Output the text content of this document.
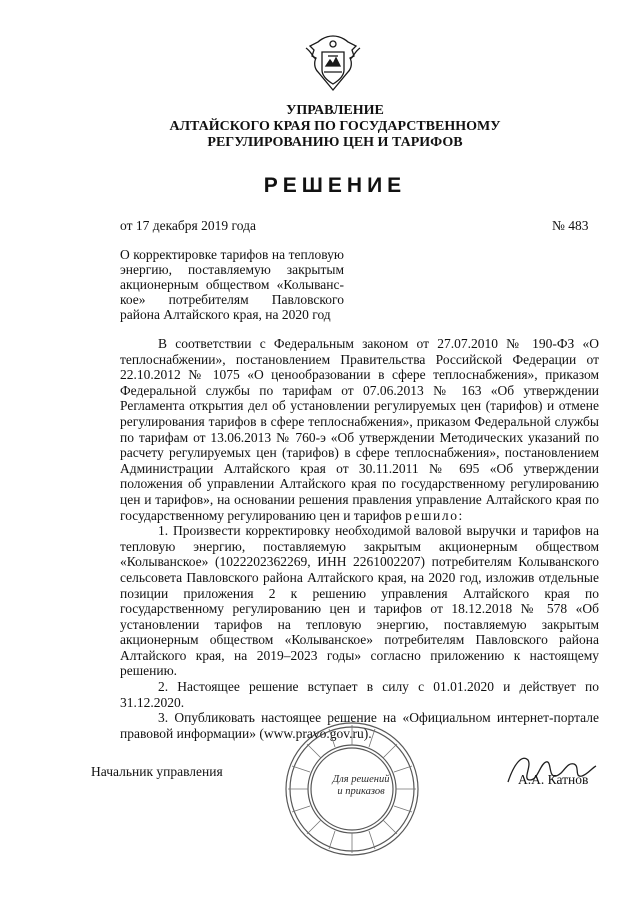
УПРАВЛЕНИЕ
АЛТАЙСКОГО КРАЯ ПО ГОСУДАРСТВЕННОМУ
РЕГУЛИРОВАНИЮ ЦЕН И ТАРИФОВ
РЕШЕНИЕ
от 17 декабря 2019 года	№ 483
О корректировке тарифов на тепловую энергию, поставляемую закрытым акционерным обществом «Колыванс-кое» потребителям Павловского района Алтайского края, на 2020 год

В соответствии с Федеральным законом от 27.07.2010 № 190-ФЗ «О теплоснабжении», постановлением Правительства Российской Федерации от 22.10.2012 № 1075 «О ценообразовании в сфере теплоснабжения», приказом Федеральной службы по тарифам от 07.06.2013 № 163 «Об утверждении Регламента открытия дел об установлении регулируемых цен (тарифов) и отмене регулирования тарифов в сфере теплоснабжения», приказом Федеральной службы по тарифам от 13.06.2013 № 760-э «Об утверждении Методических указаний по расчету регулируемых цен (тарифов) в сфере теплоснабжения», постановлением Администрации Алтайского края от 30.11.2011 № 695 «Об утверждении положения об управлении Алтайского края по государственному регулированию цен и тарифов», на основании решения правления управление Алтайского края по государственному регулированию цен и тарифов решило:

1. Произвести корректировку необходимой валовой выручки и тарифов на тепловую энергию, поставляемую закрытым акционерным обществом «Колыванское» (1022202362269, ИНН 2261002207) потребителям Колыванского сельсовета Павловского района Алтайского края, на 2020 год, изложив отдельные позиции приложения 2 к решению управления Алтайского края по государственному регулированию цен и тарифов от 18.12.2018 № 578 «Об установлении тарифов на тепловую энергию, поставляемую закрытым акционерным обществом «Колыванское» потребителям Павловского района Алтайского края, на 2019–2023 годы» согласно приложению к настоящему решению.

2. Настоящее решение вступает в силу с 01.01.2020 и действует по 31.12.2020.

3. Опубликовать настоящее решение на «Официальном интернет-портале правовой информации» (www.pravo.gov.ru).

Начальник управления
Для решений
и приказов
А.А. Катнов
